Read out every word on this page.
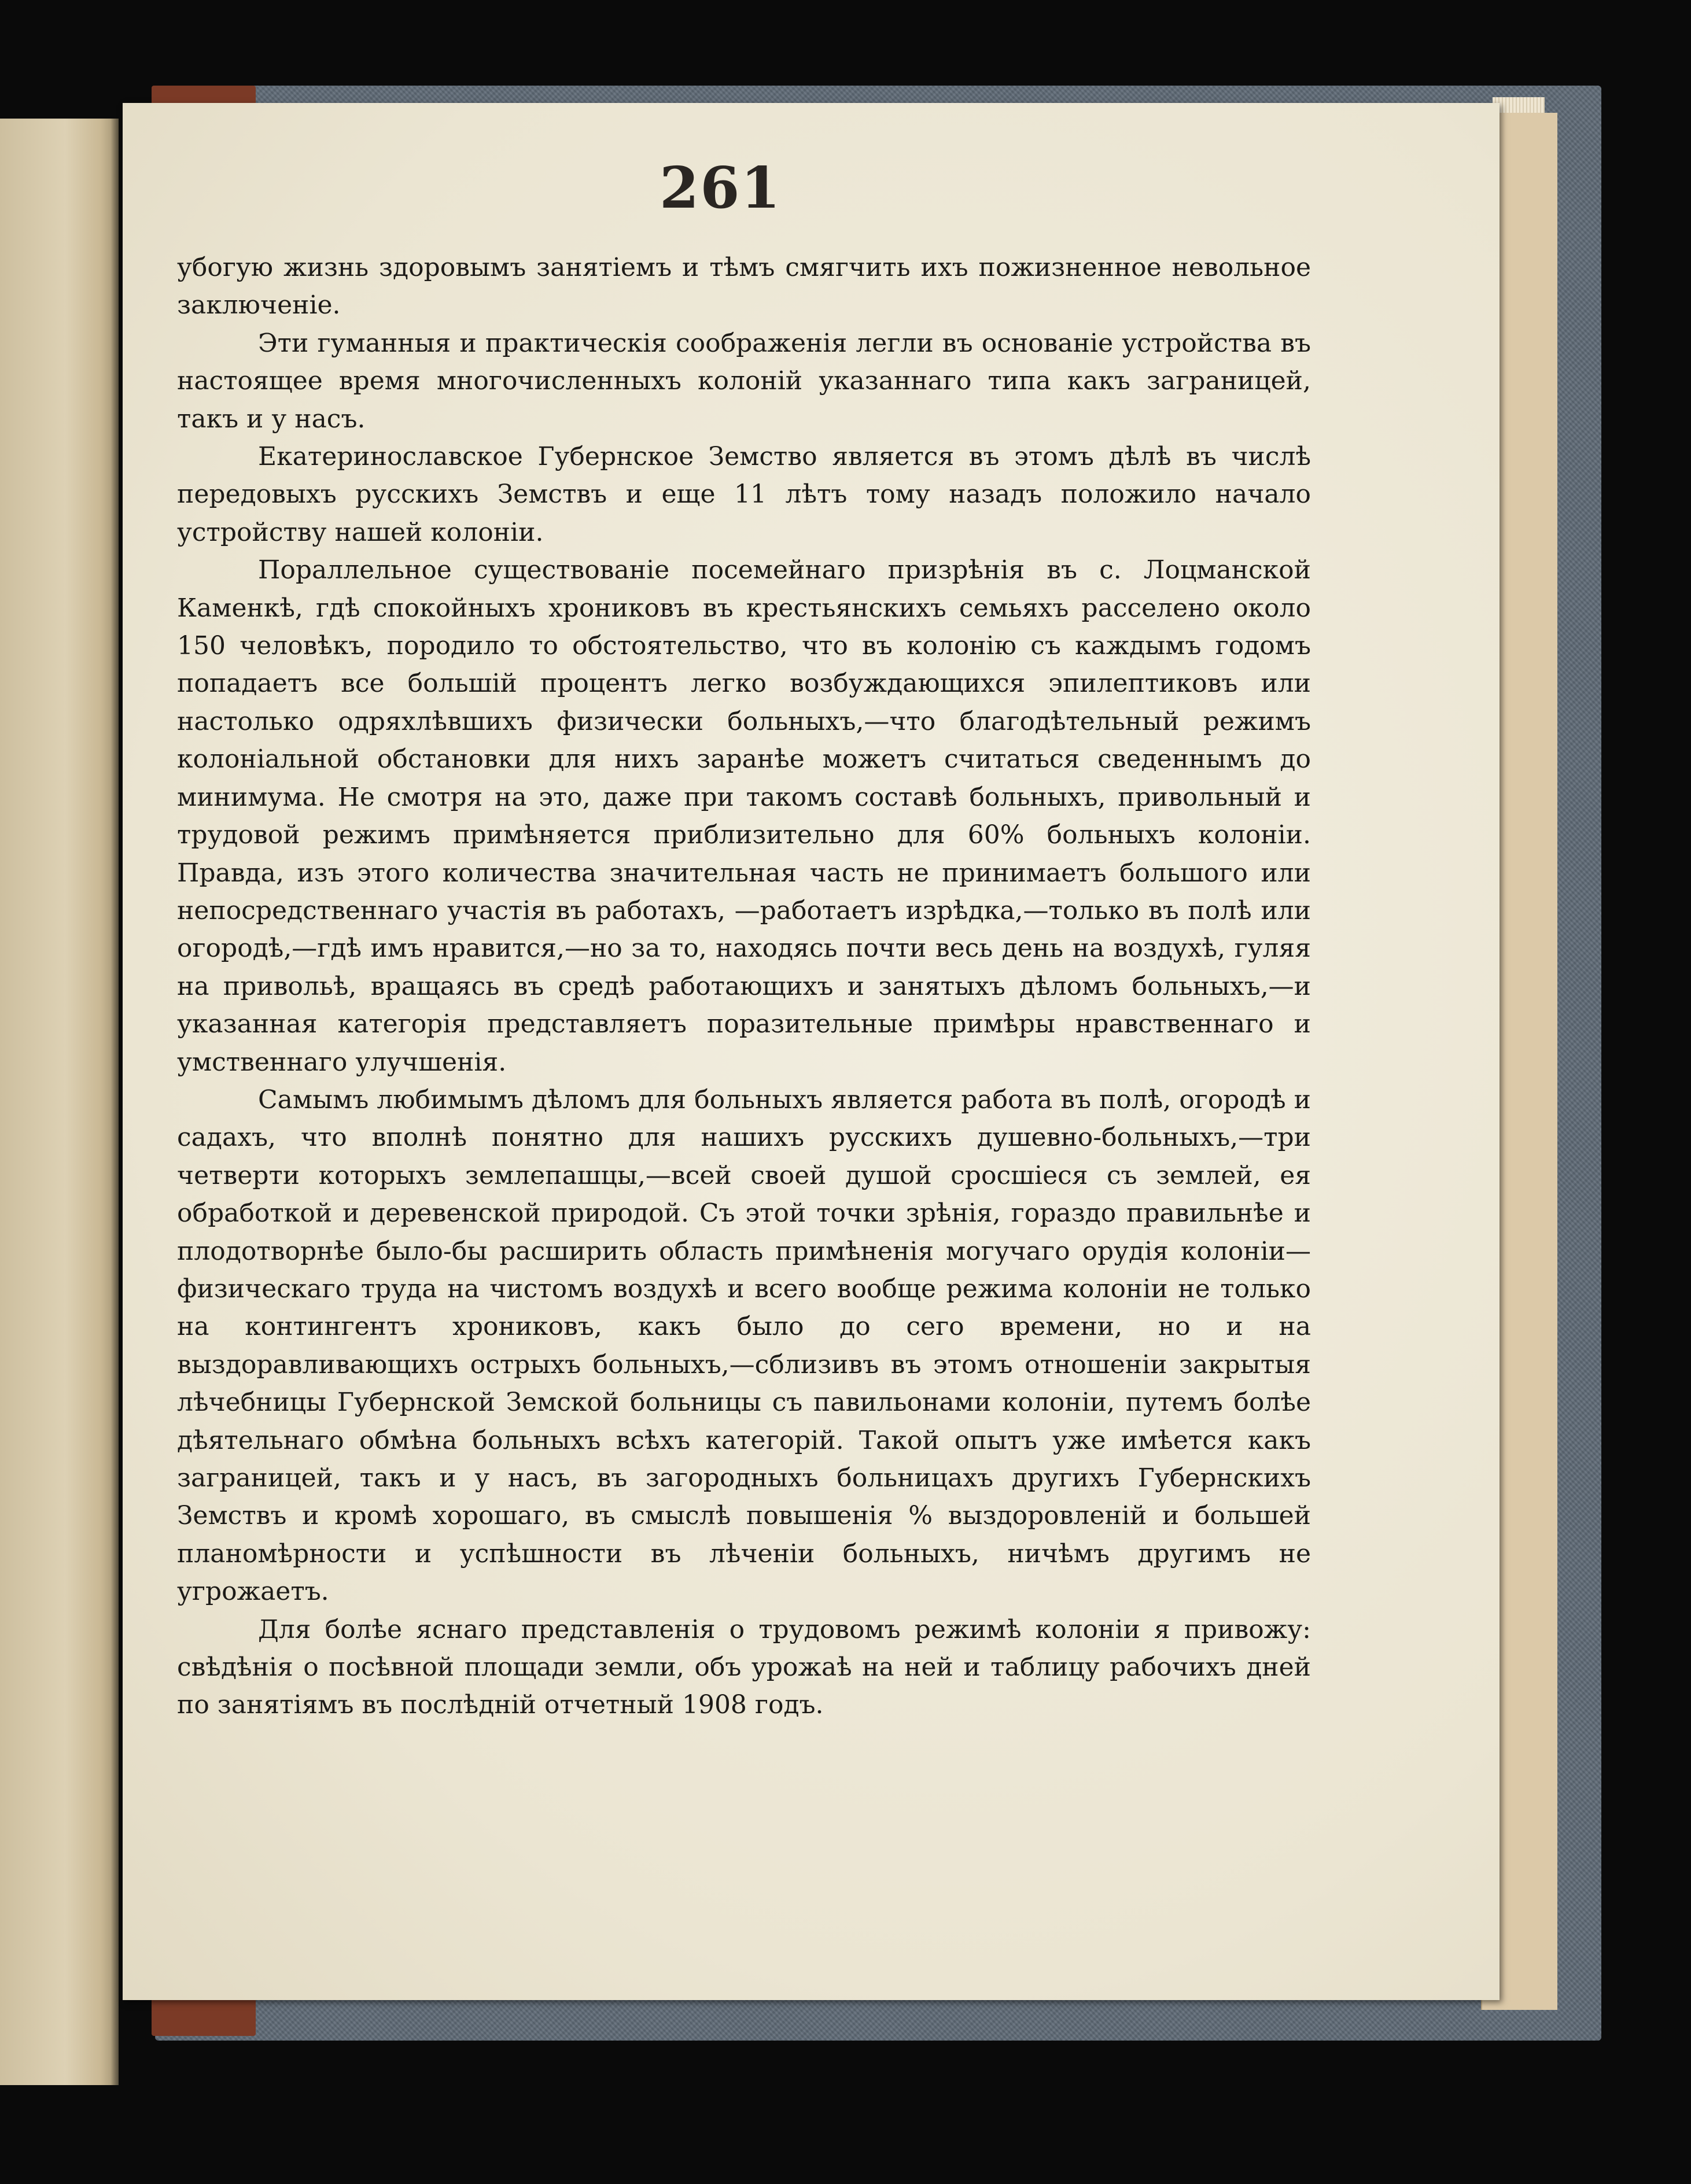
261

убогую жизнь здоровымъ занятіемъ и тѣмъ смягчить ихъ пожизненное невольное заключеніе.

Эти гуманныя и практическія соображенія легли въ основаніе устройства въ настоящее время многочисленныхъ колоній указаннаго типа какъ заграницей, такъ и у насъ.

Екатеринославское Губернское Земство является въ этомъ дѣлѣ въ числѣ передовыхъ русскихъ Земствъ и еще 11 лѣтъ тому назадъ положило начало устройству нашей колоніи.

Пораллельное существованіе посемейнаго призрѣнія въ с. Лоцманской Каменкѣ, гдѣ спокойныхъ хрониковъ въ крестьянскихъ семьяхъ расселено около 150 человѣкъ, породило то обстоятельство, что въ колонію съ каждымъ годомъ попадаетъ все большій процентъ легко возбуждающихся эпилептиковъ или настолько одряхлѣвшихъ физически больныхъ,—что благодѣтельный режимъ колоніальной обстановки для нихъ заранѣе можетъ считаться сведеннымъ до минимума. Не смотря на это, даже при такомъ составѣ больныхъ, привольный и трудовой режимъ примѣняется приблизительно для 60% больныхъ колоніи. Правда, изъ этого количества значительная часть не принимаетъ большого или непосредственнаго участія въ работахъ, —работаетъ изрѣдка,—только въ полѣ или огородѣ,—гдѣ имъ нравится,—но за то, находясь почти весь день на воздухѣ, гуляя на привольѣ, вращаясь въ средѣ работающихъ и занятыхъ дѣломъ больныхъ,—и указанная категорія представляетъ поразительные примѣры нравственнаго и умственнаго улучшенія.

Самымъ любимымъ дѣломъ для больныхъ является работа въ полѣ, огородѣ и садахъ, что вполнѣ понятно для нашихъ русскихъ душевно-больныхъ,—три четверти которыхъ землепашцы,—всей своей душой сросшіеся съ землей, ея обработкой и деревенской природой. Съ этой точки зрѣнія, гораздо правильнѣе и плодотворнѣе было-бы расширить область примѣненія могучаго орудія колоніи—физическаго труда на чистомъ воздухѣ и всего вообще режима колоніи не только на контингентъ хрониковъ, какъ было до сего времени, но и на выздоравливающихъ острыхъ больныхъ,—сблизивъ въ этомъ отношеніи закрытыя лѣчебницы Губернской Земской больницы съ павильонами колоніи, путемъ болѣе дѣятельнаго обмѣна больныхъ всѣхъ категорій. Такой опытъ уже имѣется какъ заграницей, такъ и у насъ, въ загородныхъ больницахъ другихъ Губернскихъ Земствъ и кромѣ хорошаго, въ смыслѣ повышенія % выздоровленій и большей планомѣрности и успѣшности въ лѣченіи больныхъ, ничѣмъ другимъ не угрожаетъ.

Для болѣе яснаго представленія о трудовомъ режимѣ колоніи я привожу: свѣдѣнія о посѣвной площади земли, объ урожаѣ на ней и таблицу рабочихъ дней по занятіямъ въ послѣдній отчетный 1908 годъ.
